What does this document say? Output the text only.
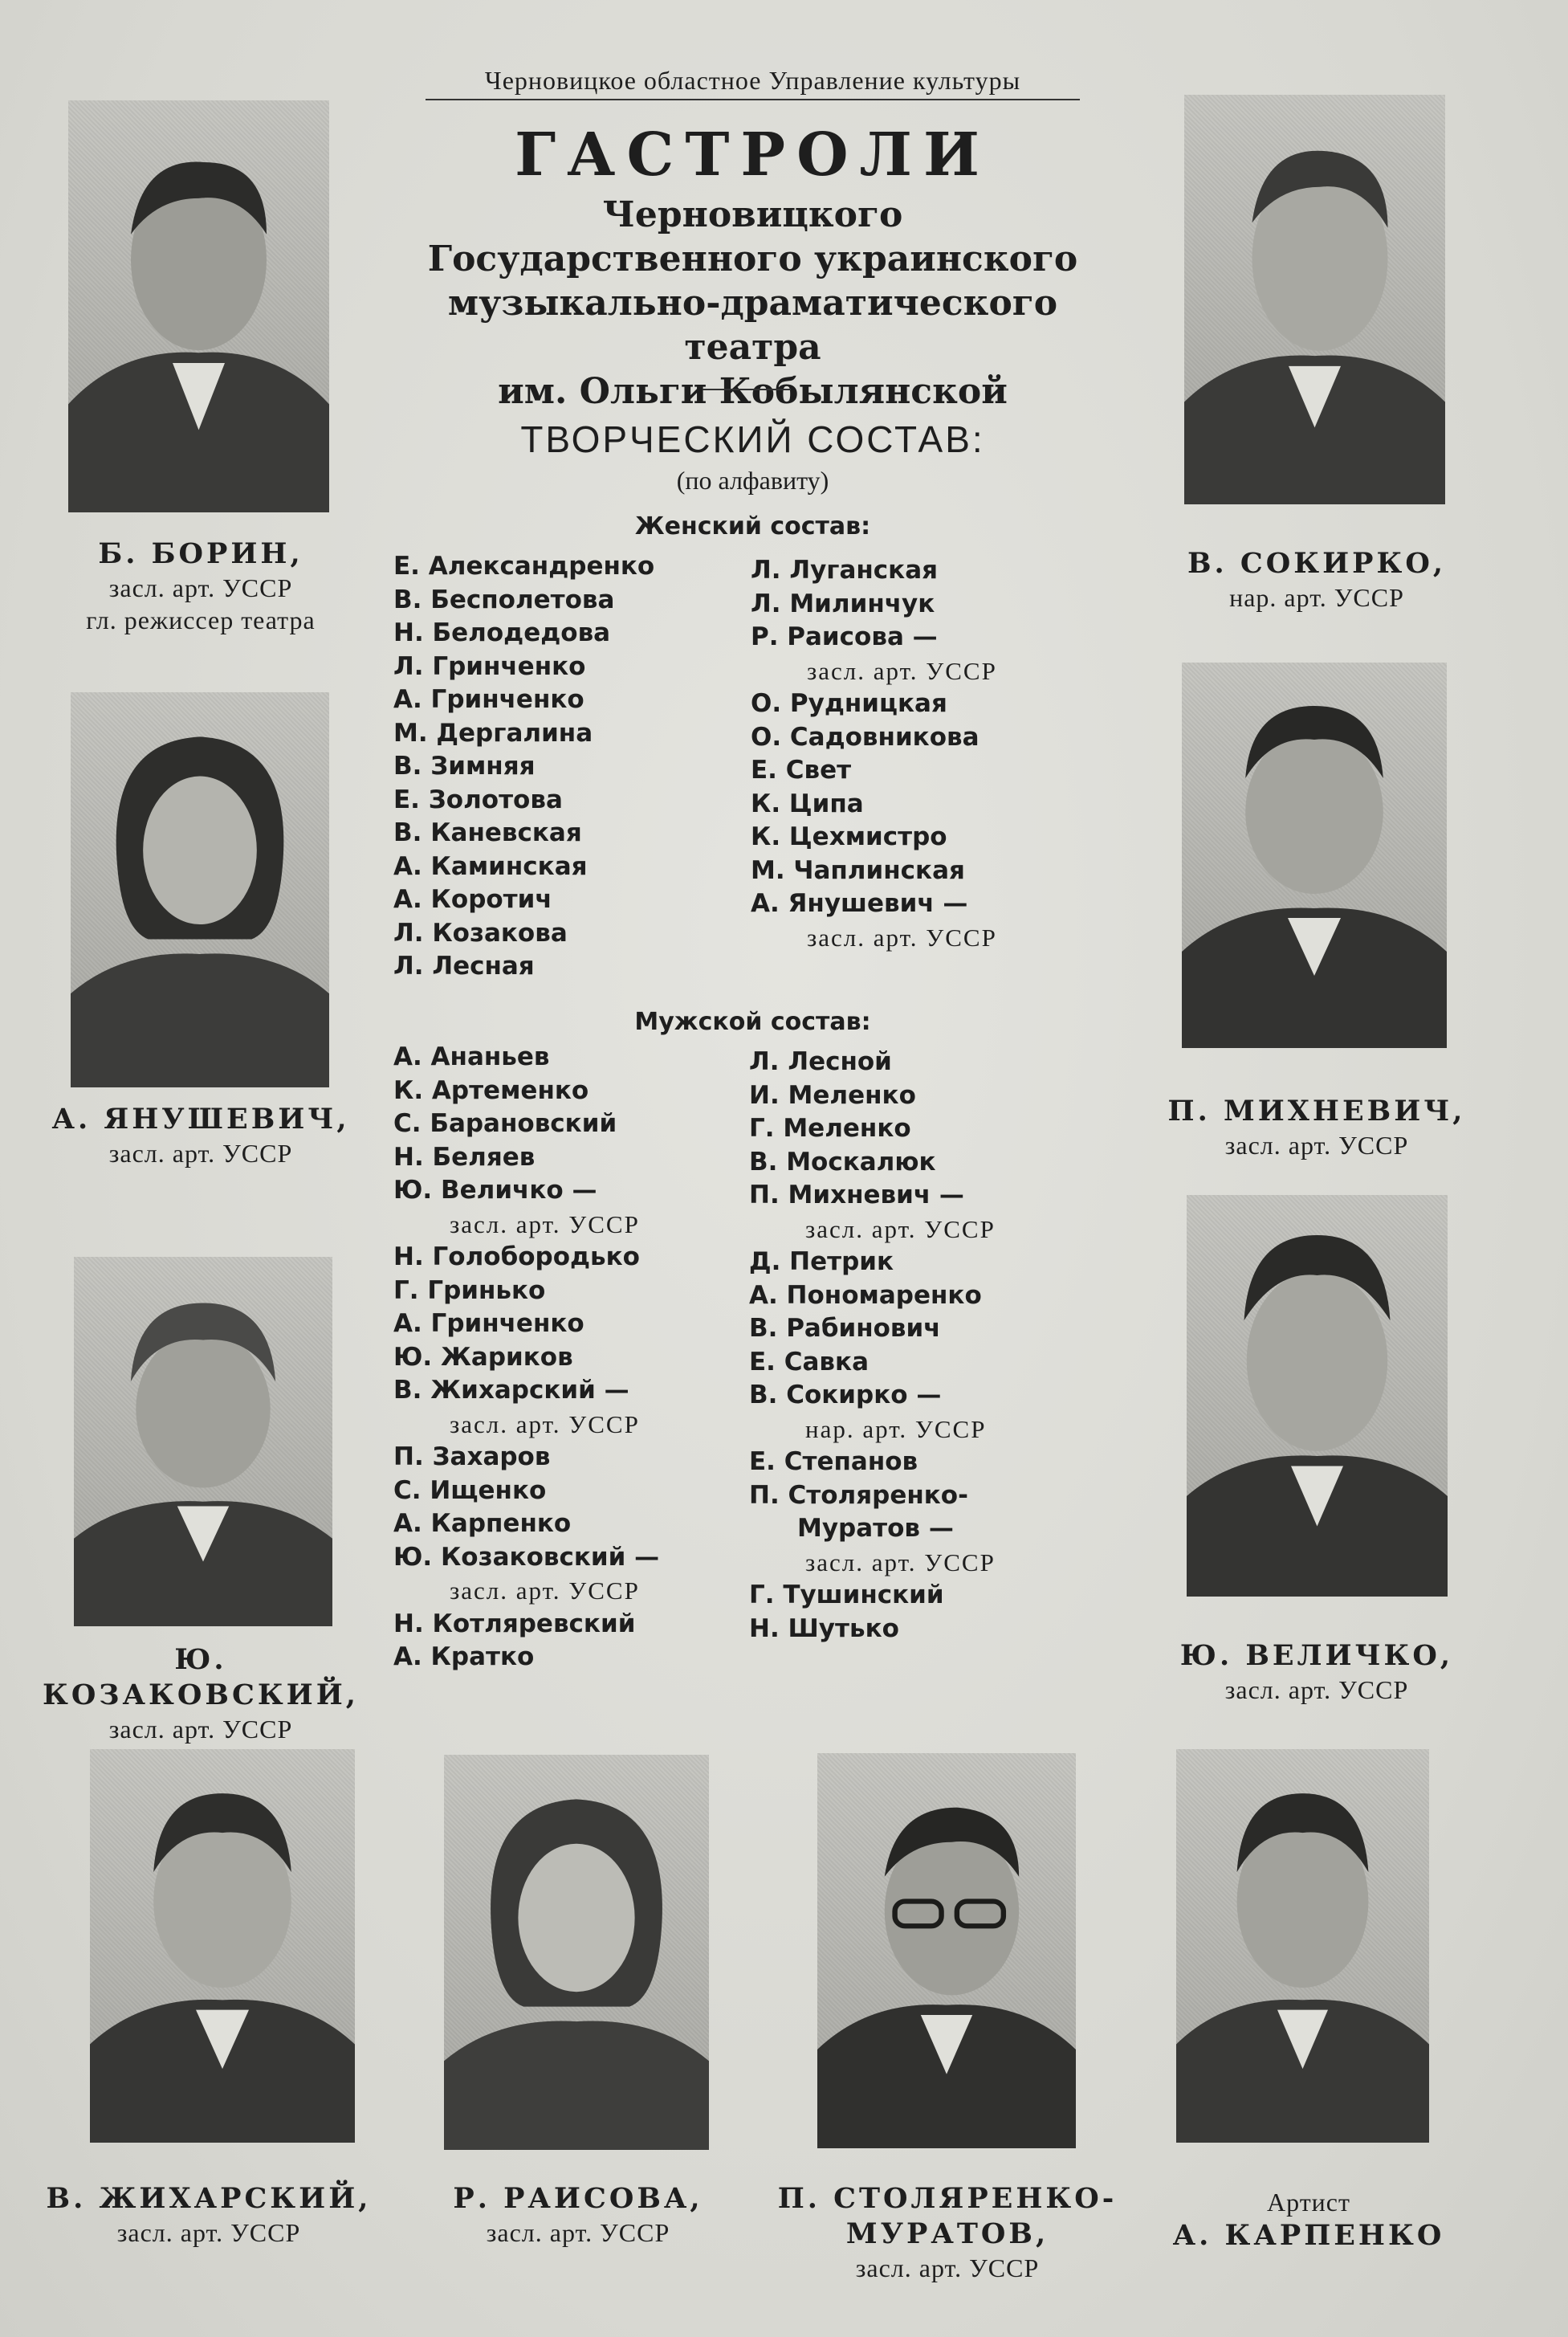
Черновицкое областное Управление культуры
ГАСТРОЛИ
Черновицкого
Государственного украинского
музыкально-драматического театра
им. Ольги Кобылянской
ТВОРЧЕСКИЙ СОСТАВ:
(по алфавиту)
Женский состав:
Е. Александренко
В. Бесполетова
Н. Белодедова
Л. Гринченко
А. Гринченко
М. Дергалина
В. Зимняя
Е. Золотова
В. Каневская
А. Каминская
А. Коротич
Л. Козакова
Л. Лесная
Л. Луганская
Л. Милинчук
Р. Раисова —
засл. арт. УССР
О. Рудницкая
О. Садовникова
Е. Свет
К. Ципа
К. Цехмистро
М. Чаплинская
А. Янушевич —
засл. арт. УССР
Мужской состав:
А. Ананьев
К. Артеменко
С. Барановский
Н. Беляев
Ю. Величко —
засл. арт. УССР
Н. Голобородько
Г. Гринько
А. Гринченко
Ю. Жариков
В. Жихарский —
засл. арт. УССР
П. Захаров
С. Ищенко
А. Карпенко
Ю. Козаковский —
засл. арт. УССР
Н. Котляревский
А. Кратко
Л. Лесной
И. Меленко
Г. Меленко
В. Москалюк
П. Михневич —
засл. арт. УССР
Д. Петрик
А. Пономаренко
В. Рабинович
Е. Савка
В. Сокирко —
нар. арт. УССР
Е. Степанов
П. Столяренко-
Муратов —
засл. арт. УССР
Г. Тушинский
Н. Шутько
Б. БОРИН,
засл. арт. УССР
гл. режиссер театра
В. СОКИРКО,
нар. арт. УССР
А. ЯНУШЕВИЧ,
засл. арт. УССР
П. МИХНЕВИЧ,
засл. арт. УССР
Ю. КОЗАКОВСКИЙ,
засл. арт. УССР
Ю. ВЕЛИЧКО,
засл. арт. УССР
В. ЖИХАРСКИЙ,
засл. арт. УССР
Р. РАИСОВА,
засл. арт. УССР
П. СТОЛЯРЕНКО-
МУРАТОВ,
засл. арт. УССР
Артист
А. КАРПЕНКО
